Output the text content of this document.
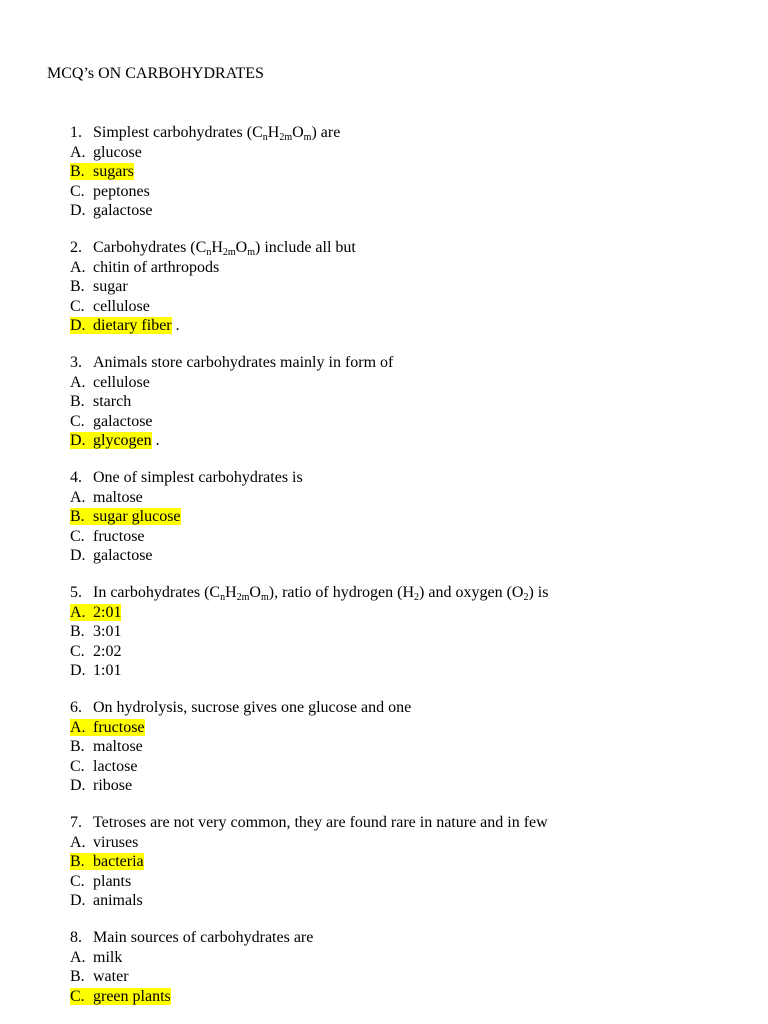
MCQ’s ON CARBOHYDRATES
1. Simplest carbohydrates $(C_nH_{2m}O_m)$ are
A. glucose
B. sugars
C. peptones
D. galactose
2. Carbohydrates $(C_nH_{2m}O_m)$ include all but
A. chitin of arthropods
B. sugar
C. cellulose
D. dietary fiber .
3. Animals store carbohydrates mainly in form of
A. cellulose
B. starch
C. galactose
D. glycogen .
4. One of simplest carbohydrates is
A. maltose
B. sugar glucose
C. fructose
D. galactose
5. In carbohydrates $(C_nH_{2m}O_m)$, ratio of hydrogen $(H_2)$ and oxygen $(O_2)$ is
A. 2:01
B. 3:01
C. 2:02
D. 1:01
6. On hydrolysis, sucrose gives one glucose and one
A. fructose
B. maltose
C. lactose
D. ribose
7. Tetroses are not very common, they are found rare in nature and in few
A. viruses
B. bacteria
C. plants
D. animals
8. Main sources of carbohydrates are
A. milk
B. water
C. green plants
